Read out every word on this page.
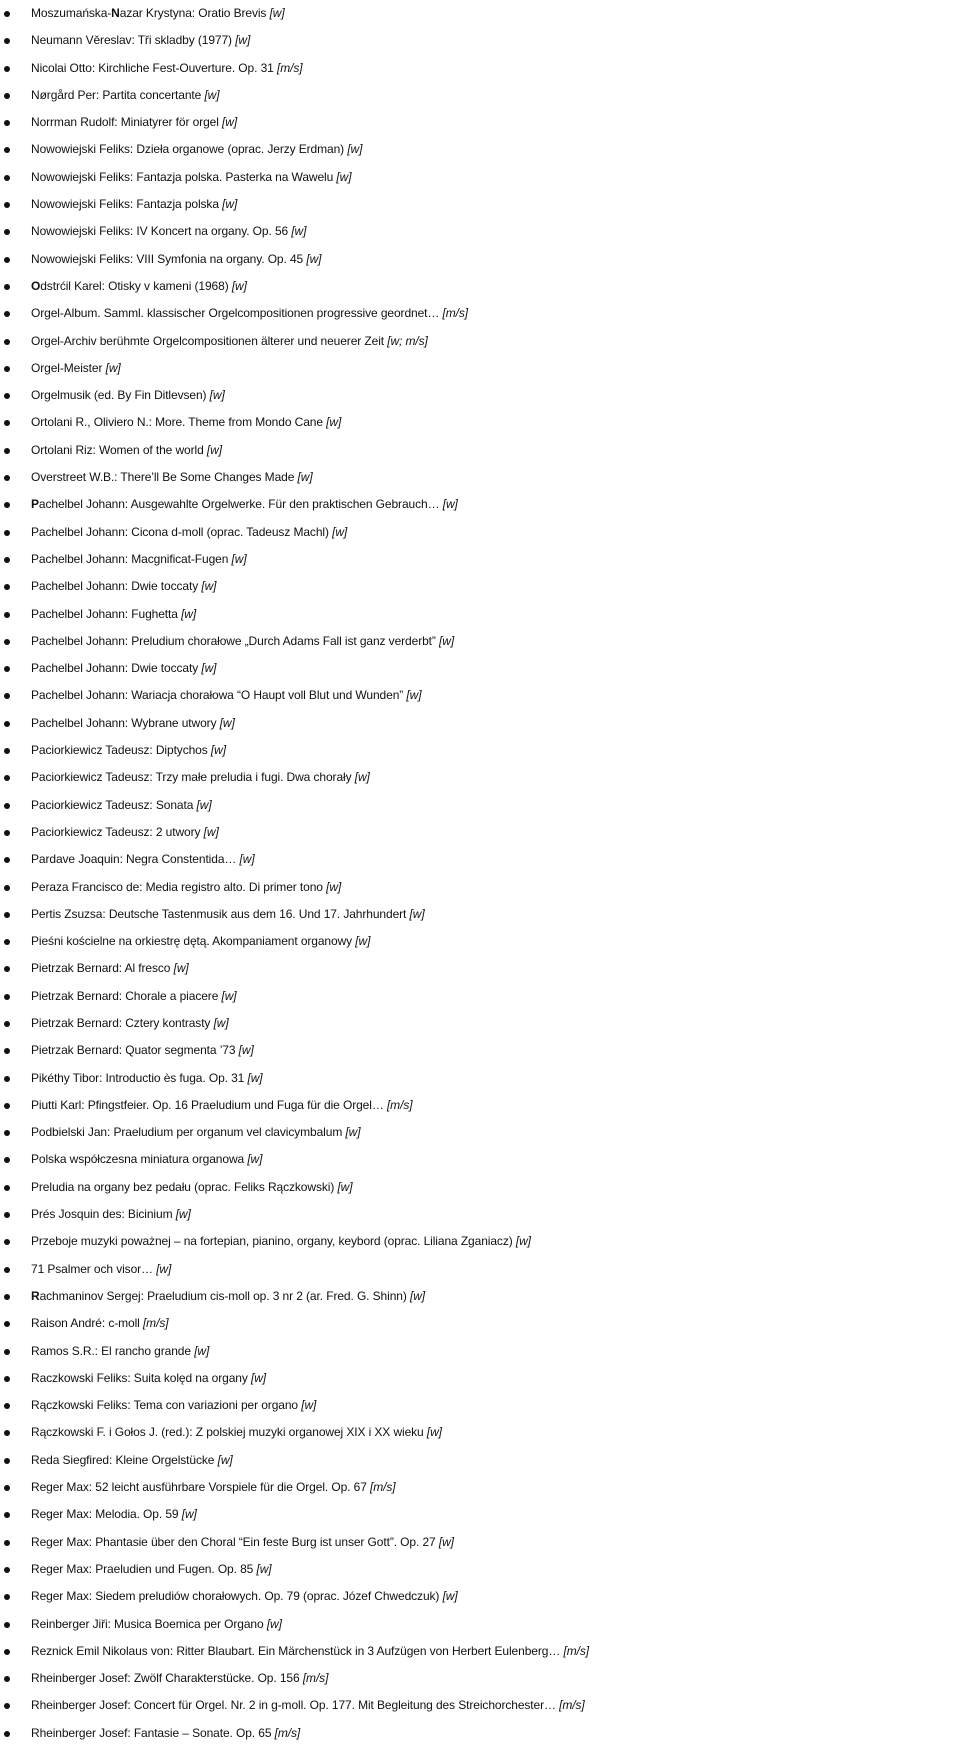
Moszumańska-Nazar Krystyna: Oratio Brevis [w]
Neumann Věreslav: Tři skladby (1977) [w]
Nicolai Otto: Kirchliche Fest-Ouverture. Op. 31 [m/s]
Nørgård Per: Partita concertante [w]
Norrman Rudolf: Miniatyrer för orgel [w]
Nowowiejski Feliks: Dzieła organowe (oprac. Jerzy Erdman) [w]
Nowowiejski Feliks: Fantazja polska. Pasterka na Wawelu [w]
Nowowiejski Feliks: Fantazja polska [w]
Nowowiejski Feliks: IV Koncert na organy. Op. 56 [w]
Nowowiejski Feliks: VIII Symfonia na organy. Op. 45 [w]
Odstrćil Karel: Otisky v kameni (1968) [w]
Orgel-Album. Samml. klassischer Orgelcompositionen progressive geordnet… [m/s]
Orgel-Archiv berühmte Orgelcompositionen älterer und neuerer Zeit [w; m/s]
Orgel-Meister [w]
Orgelmusik (ed. By Fin Ditlevsen) [w]
Ortolani R., Oliviero N.: More. Theme from Mondo Cane [w]
Ortolani Riz: Women of the world [w]
Overstreet W.B.: There’ll Be Some Changes Made [w]
Pachelbel Johann: Ausgewahlte Orgelwerke. Für den praktischen Gebrauch… [w]
Pachelbel Johann: Cicona d-moll (oprac. Tadeusz Machl) [w]
Pachelbel Johann: Macgnificat-Fugen [w]
Pachelbel Johann: Dwie toccaty [w]
Pachelbel Johann: Fughetta [w]
Pachelbel Johann: Preludium chorałowe „Durch Adams Fall ist ganz verderbt” [w]
Pachelbel Johann: Dwie toccaty [w]
Pachelbel Johann: Wariacja chorałowa “O Haupt voll Blut und Wunden” [w]
Pachelbel Johann: Wybrane utwory [w]
Paciorkiewicz Tadeusz: Diptychos [w]
Paciorkiewicz Tadeusz: Trzy małe preludia i fugi. Dwa chorały [w]
Paciorkiewicz Tadeusz: Sonata [w]
Paciorkiewicz Tadeusz: 2 utwory [w]
Pardave Joaquin: Negra Constentida… [w]
Peraza Francisco de: Media registro alto. Di primer tono [w]
Pertis Zsuzsa: Deutsche Tastenmusik aus dem 16. Und 17. Jahrhundert [w]
Pieśni kościelne na orkiestrę dętą. Akompaniament organowy [w]
Pietrzak Bernard: Al fresco [w]
Pietrzak Bernard: Chorale a piacere [w]
Pietrzak Bernard: Cztery kontrasty [w]
Pietrzak Bernard: Quator segmenta ’73 [w]
Pikéthy Tibor: Introductio ès fuga. Op. 31 [w]
Piutti Karl: Pfingstfeier. Op. 16 Praeludium und Fuga für die Orgel… [m/s]
Podbielski Jan: Praeludium per organum vel clavicymbalum [w]
Polska współczesna miniatura organowa [w]
Preludia na organy bez pedału (oprac. Feliks Rączkowski) [w]
Prés Josquin des: Bicinium [w]
Przeboje muzyki poważnej – na fortepian, pianino, organy, keybord (oprac. Liliana Zganiacz) [w]
71 Psalmer och visor… [w]
Rachmaninov Sergej: Praeludium cis-moll op. 3 nr 2 (ar. Fred. G. Shinn) [w]
Raison André: c-moll [m/s]
Ramos S.R.: El rancho grande [w]
Raczkowski Feliks: Suita kolęd na organy [w]
Rączkowski Feliks: Tema con variazioni per organo [w]
Rączkowski F. i Gołos J. (red.): Z polskiej muzyki organowej XIX i XX wieku [w]
Reda Siegfired: Kleine Orgelstücke [w]
Reger Max: 52 leicht ausführbare Vorspiele für die Orgel. Op. 67 [m/s]
Reger Max: Melodia. Op. 59 [w]
Reger Max: Phantasie über den Choral “Ein feste Burg ist unser Gott”. Op. 27 [w]
Reger Max: Praeludien und Fugen. Op. 85 [w]
Reger Max: Siedem preludiów chorałowych. Op. 79 (oprac. Józef Chwedczuk) [w]
Reinberger Jiři: Musica Boemica per Organo [w]
Reznick Emil Nikolaus von: Ritter Blaubart. Ein Märchenstück in 3 Aufzügen von Herbert Eulenberg… [m/s]
Rheinberger Josef: Zwölf Charakterstücke. Op. 156 [m/s]
Rheinberger Josef: Concert für Orgel. Nr. 2 in g-moll. Op. 177. Mit Begleitung des Streichorchester… [m/s]
Rheinberger Josef: Fantasie – Sonate. Op. 65 [m/s]
